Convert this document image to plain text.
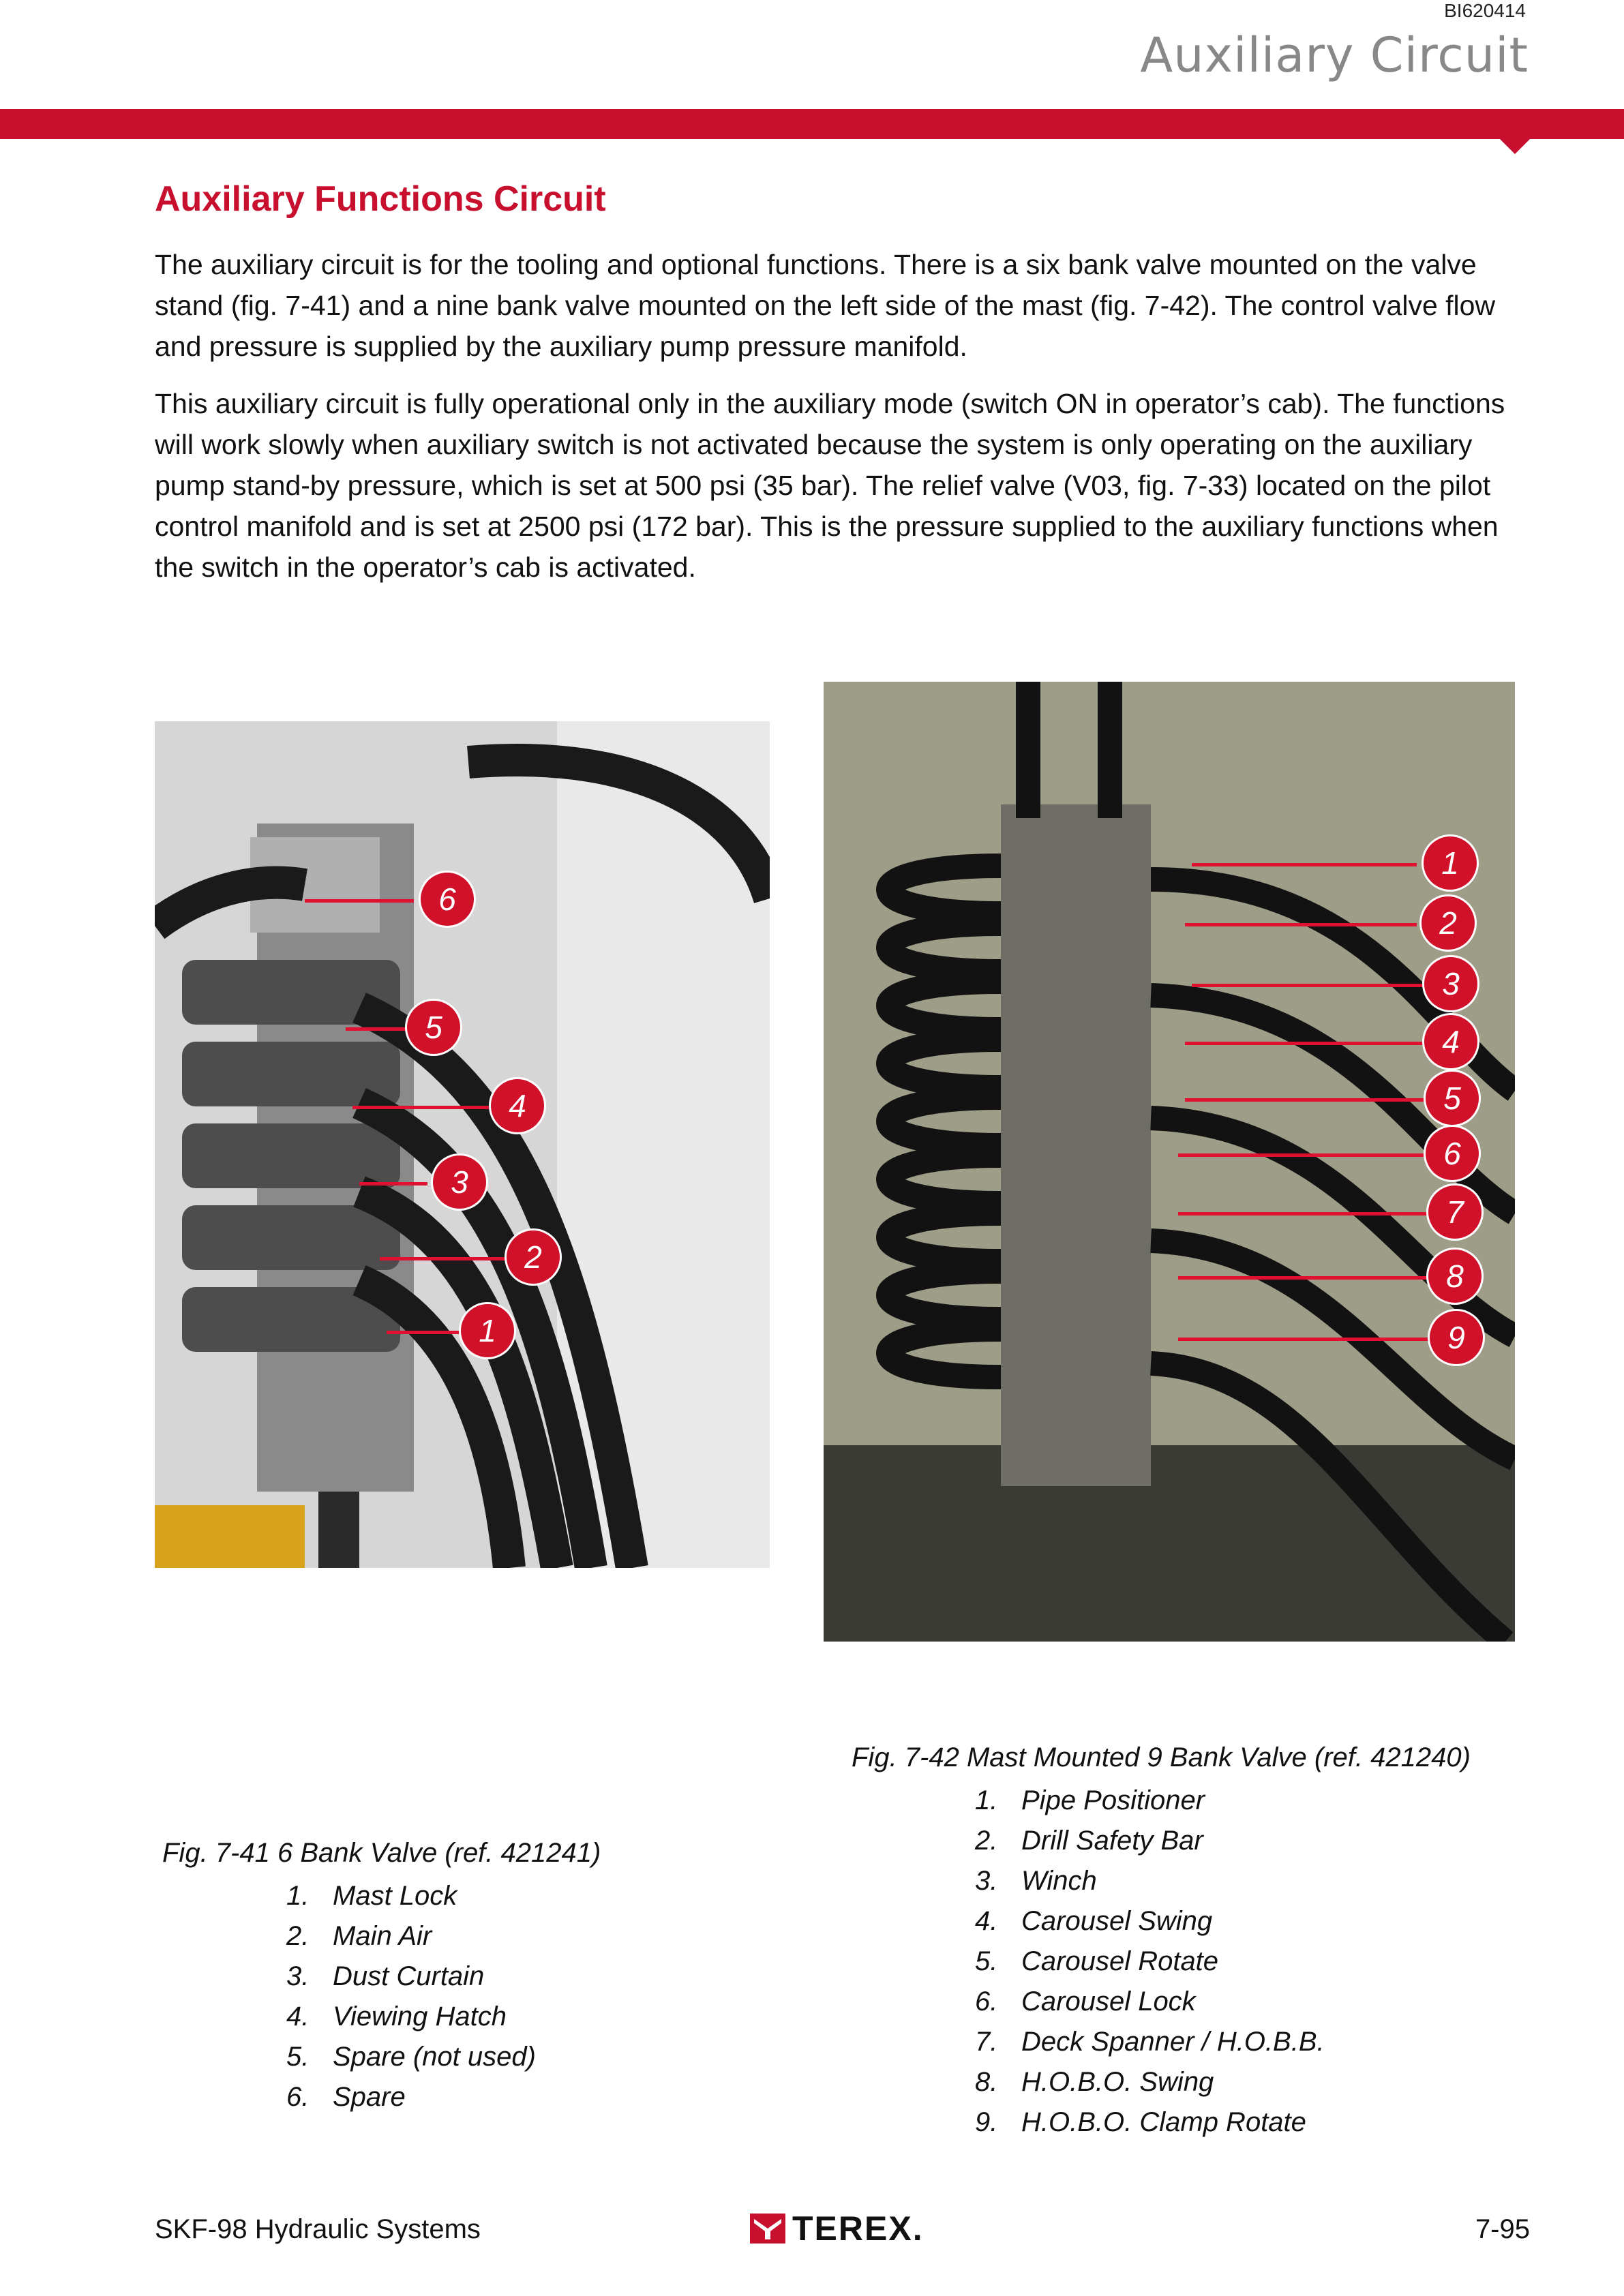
BI620414
Auxiliary Circuit
Auxiliary Functions Circuit

The auxiliary circuit is for the tooling and optional functions. There is a six bank valve mounted on the valve stand (fig. 7-41) and a nine bank valve mounted on the left side of the mast (fig. 7-42). The control valve flow and pressure is supplied by the auxiliary pump pressure manifold.

This auxiliary circuit is fully operational only in the auxiliary mode (switch ON in operator’s cab). The functions will work slowly when auxiliary switch is not activated because the system is only operating on the auxiliary pump stand-by pressure, which is set at 500 psi (35 bar). The relief valve (V03, fig. 7-33) located on the pilot control manifold and is set at 2500 psi (172 bar). This is the pressure supplied to the auxiliary functions when the switch in the operator’s cab is activated.

6
5
4
3
2
1
1
2
3
4
5
6
7
8
9
Fig. 7-41 6 Bank Valve (ref. 421241)
1. Mast Lock
2. Main Air
3. Dust Curtain
4. Viewing Hatch
5. Spare (not used)
6. Spare
Fig. 7-42 Mast Mounted 9 Bank Valve (ref. 421240)
1. Pipe Positioner
2. Drill Safety Bar
3. Winch
4. Carousel Swing
5. Carousel Rotate
6. Carousel Lock
7. Deck Spanner / H.O.B.B.
8. H.O.B.O. Swing
9. H.O.B.O. Clamp Rotate
SKF-98 Hydraulic Systems	TEREX.	7-95
